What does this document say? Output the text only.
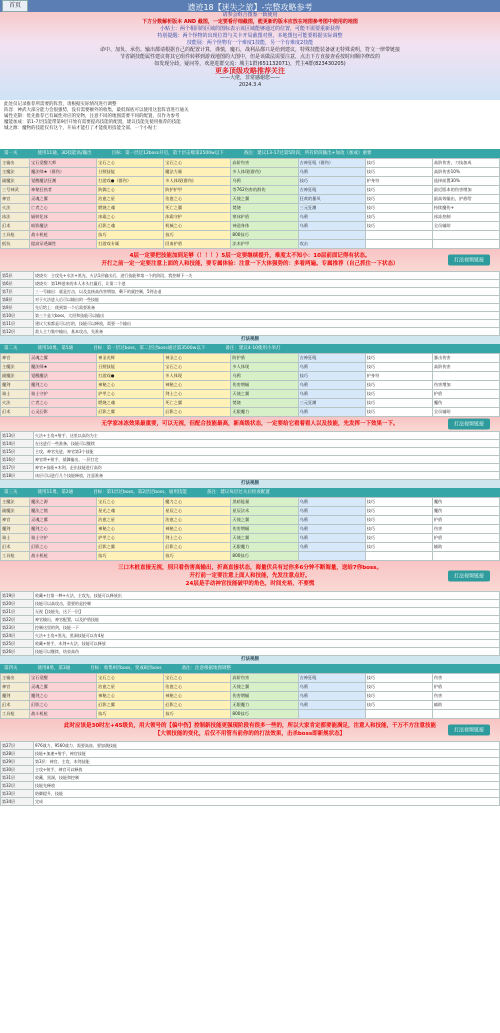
首页	遗迹18【迷失之旅】-完整攻略参考
请参会组合图鉴一致使用
下方分数解析版本 AND 截图，一定要看仔细截图，能更新的版本应放在地图参考图中使用的地图
小贴士：两个相同的区域的图标表示该区域能够通过的位置，可能不需要重新获得
特别提醒：两个怪物的出现位置与关卡开局截图对照，本地图包可能要根据实际调整
技能展：两个怪物有一个难度1技能，另一个有难度2技能
命中、加负、承伤、输出都请根据自己的配置计算，谨慎，魔石，战利品都只是给到建议，特殊技能装备就无特殊说明，符文一律带链接
节省刷技能属性建议将其它组件转移到游戏地图的大图中，但是该做法需要注意，点击下方直接查看按时间顺序修改的
如发现分歧，疑问等，欢迎进群交流：城主1群(651132071)，凭主4群(823430205)
更多顶级攻略推荐关注
——大佬，非常感谢您——
2024.3.4
此处仅记录推荐所需要的阵营，请根据实际情况进行调整
阵容：神武大部分能力会很强势，没有需要额外的收集，最低保底可以使用这套阵容进行通关
属性克制：优先推荐已有属性对应的宠物，注意不同的地图需要不同的配置，仅作为参考
魔能加成：第1-7层技能带第9层开始有需要提高技能的配置，建议技能先使用推荐的技能
城之源：魔物的技能仅有这个，开局才能打了才能使用技能全部，一个小贴士
第一关	使用11通，3D技能高/输出	目标：第一层过12boss开启，第十层击败第2500w以下	备注：建议13-17过第5阶段，所有阶段输出+加攻（加成）重要
主输出	宝石觉醒大师	宝石之心	宝石之心	高阶伤害	古神狂吼（群伤）	技巧	高阶伤害，刀技加成
主魔法	魔法师★（群伤）	日照技能	魔法力量	多人体现(群伤)	乌鸦	技巧	高阶伤害10%
副魔法	觉醒魔法狂潮	打游戏●（群伤）	多人体现(群伤)	乌鸦	技巧	护身符	选择前置30%
三号神武	神秘狂热者	防御之心	防护护甲	等762伤害的群伤	古神狂吼	技巧	最近版本的伤害增加
神官	灵魂之翼	治愈之星	治愈之心	天使之翼	狂欢的暴风	技巧	最高效输出，护盾给
火法	亡者之心	燃烧之魂	死亡之翼	焚烧	三元狂潮	技巧	持续魔伤+
冰法	辐射化冰	冰霜之心	冰霜守护	寒冰护盾	乌鸦	技巧	冰冻控制
幻术	暗影魔法	幻影之魂	机械之心	神造身体	乌鸦	技巧	全员辅助
工具枪	战斗机枪	技巧	技巧	800技巧			
抵抗	提高穿透属性	打游戏专属	回血护盾	法术护甲	攻击		
4层一定要把技能加到足够（！！！）5层一定要继续提升，难度太不知小：10层前面记得有状态。
开打之前一定一定要注意上面的人和技能，要专属体验：注意一下大体强势的：多看两遍。专属推荐（自己抓住一下状态）
打法视频链接
第5层	烧烧关：主攻先+水法+黑光，火法1层输出后，进行技能和第一个的阶段，我控制下一关
第6层	烧烧关：第1种进来的木人木头打赢后，让第二个进
第7层	三一号输出：就是打击，以及直接高伤害增加，剩下的就控制，5剑击退
第8层	对于火法进入后可以输出的一些技能
第9层	先后给上：使到第一个后需要准备
第10层	第三个是大boss，大招和技能可以输出
第11层	建议大家都是可以打的，技能可以释放，需要一个输出
第12层	敌人主力集中输出，基本攻击，先准备
打法视频
第二关	使用10勇，第5通	目标：第一层过boss，第二层过boss通过第3500w以下	备注：建议4-10使用小米灯
神官	灵魂之翼	神圣光辉	神圣之心	防护盾	古神狂吼	技巧	暴击伤害
主魔法	魔法师★	日照技能	宝石之心	多人体现	乌鸦	技巧	高阶伤害
副魔法	觉醒魔法	打游戏●	多人体现	乌鸦	技巧	护身符	
魔剑	魔剑之心	神秘之心	神秘之心	伤害增幅	乌鸦	技巧	伤害增加
骑士	骑士守护	护甲之心	剑士之心	天使之翼	乌鸦	技巧	护盾
火法	亡者之心	燃烧之魂	死亡之翼	焚烧	三元狂潮	技巧	魔伤
幻术	心灵幻影	幻影之翼	幻影之心	无限魔力	乌鸦	技巧	全员辅助
无学家冰冻效果最重要，可以无视，但配合技能最高，新高级状态，一定要给它看着看人以及技能，先发挥一下效果一下。	打法视频链接
第13层	火法+主攻+射手，这里以高伤为主
第14层	在这进行一些准备，技能可以继续
第15层	主攻，神官先进，神官第3个技能
第16层	神官带+射手，抵御输出，一层打完
第17层	神官+技能+木剑，走出技能进行高伤
第18层	该层可以进行几个技能释放，注意准备
打法视频
第三关	使用11勇，第2通	目标：第1层过boss，第2层过boss，通用技能	备注：建议每层过关后检查配置
主魔法	魔法之源	宝石之心	魔力之心	黑暗能量	乌鸦	技巧	魔伤
副魔法	魔法之镜	星光之魂	星辰之心	星辰法术	乌鸦	技巧	魔伤
神官	灵魂之翼	治愈之星	治愈之心	天使之翼	乌鸦	技巧	护盾
魔剑	魔剑之心	神秘之心	神秘之心	伤害增幅	乌鸦	技巧	伤害
骑士	骑士守护	护甲之心	剑士之心	天使之翼	乌鸦	技巧	护盾
幻术	幻影之心	幻影之翼	幻影之心	无限魔力	乌鸦	技巧	辅助
工具枪	战斗机枪	技巧	技巧	800技巧			
三口木桩直接无视，别只看伤害高输出，折高直接状态，海量伏兵有过你多6分钟不断海量，送给7你boss。
开打前一定要注意上面人和技能，先发注意点好。
24层是手动神官技能破甲的角色，时间充裕，不要慌
打法视频链接
第19层	收藏+打第一种+火法，主攻先，技能可以释放出
第20层	技能可以高攻击，重要的是控制
第21层	无视【技能先，这下一层】
第22层	神官输出，神官配置，以及护盾技能
第23层	控制这里的剑，技能一下
第24层	火法+主攻+黑光，黑洞技能可以有4星
第25层	收藏+射手，木剑+火法，技能可以释放
第26层	技能可以继续，结束高伤
打法视频
第四关	使用8勇，第3通	目标：收集9层boss，变成8层boss	备注：注意根据地图调整
主输出	宝石觉醒	宝石之心	宝石之心	高阶伤害	古神狂吼	技巧	伤害
神官	灵魂之翼	治愈之星	治愈之心	天使之翼	乌鸦	技巧	护盾
魔剑	魔剑之心	神秘之心	神秘之心	伤害增幅	乌鸦	技巧	伤害
幻术	幻影之心	幻影之翼	幻影之心	无限魔力	乌鸦	技巧	辅助
工具枪	战斗机枪	技巧	技巧	800技巧			
此时应该是30时左+45级负，用大领号的【偏中伤】控制新技能更强现阶段有很多一些的，所以大家肯定都要能满足，注意人和技能，千万不方注意技能
【大领技能的变化，后仅不用管当前你的的打法效果，击杀boss即新规状态】
打法视频链接
第27层	976战力，9560战力，需要高血，要加满技能
第28层	技能+加速+射手，神官技能
第29层	第3层：神官，主攻，木剑技能
第30层	主攻+射手，神官可以释放
第31层	收藏，黑洞，技能和控制
第32层	技能先释放
第33层	防御提升，技能
第34层	完成
